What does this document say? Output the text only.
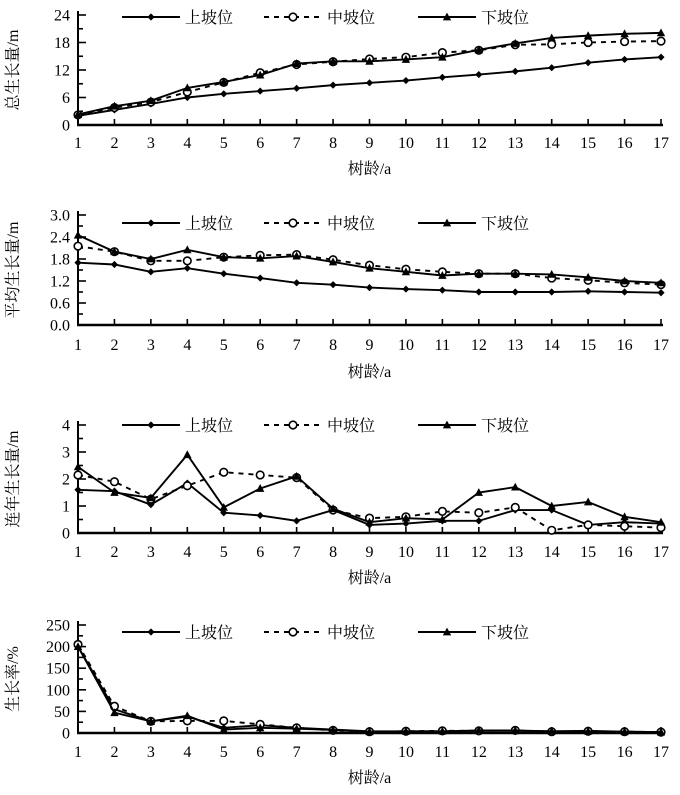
0
6
12
18
24
总生长量/m
1 2 3 4 5 6 7 8 9 10 11 12 13 14 15 16 17
树龄/a
上坡位	中坡位	下坡位
0.0
0.6
1.2
1.8
2.4
3.0
平均生长量/m
1 2 3 4 5 6 7 8 9 10 11 12 13 14 15 16 17
树龄/a
上坡位	中坡位	下坡位
0
1
2
3
4
连年生长量/m
1 2 3 4 5 6 7 8 9 10 11 12 13 14 15 16 17
树龄/a
上坡位	中坡位	下坡位
0
50
100
150
200
250
生长率/%
1 2 3 4 5 6 7 8 9 10 11 12 13 14 15 16 17
树龄/a
上坡位	中坡位	下坡位
